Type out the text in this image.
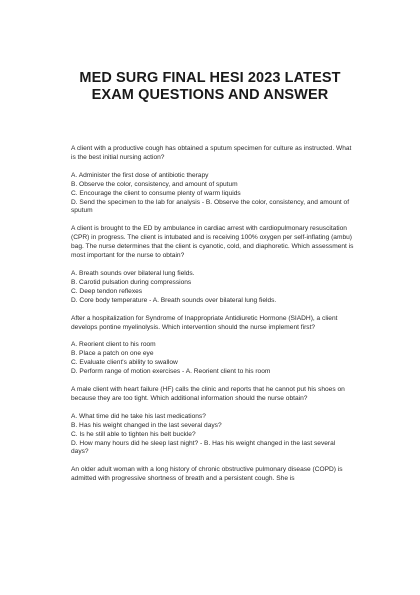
MED SURG FINAL HESI 2023 LATEST
EXAM QUESTIONS AND ANSWER

A client with a productive cough has obtained a sputum specimen for culture as instructed. What is the best initial nursing action?

A. Administer the first dose of antibiotic therapy

B. Observe the color, consistency, and amount of sputum

C. Encourage the client to consume plenty of warm liquids

D. Send the specimen to the lab for analysis - B. Observe the color, consistency, and amount of sputum

A client is brought to the ED by ambulance in cardiac arrest with cardiopulmonary resuscitation (CPR) in progress. The client is intubated and is receiving 100% oxygen per self-inflating (ambu) bag. The nurse determines that the client is cyanotic, cold, and diaphoretic. Which assessment is most important for the nurse to obtain?

A. Breath sounds over bilateral lung fields.

B. Carotid pulsation during compressions

C. Deep tendon reflexes

D. Core body temperature - A. Breath sounds over bilateral lung fields.

After a hospitalization for Syndrome of Inappropriate Antidiuretic Hormone (SIADH), a client develops pontine myelinolysis. Which intervention should the nurse implement first?

A. Reorient client to his room

B. Place a patch on one eye

C. Evaluate client's ability to swallow

D. Perform range of motion exercises - A. Reorient client to his room

A male client with heart failure (HF) calls the clinic and reports that he cannot put his shoes on because they are too tight. Which additional information should the nurse obtain?

A. What time did he take his last medications?

B. Has his weight changed in the last several days?

C. Is he still able to tighten his belt buckle?

D. How many hours did he sleep last night? - B. Has his weight changed in the last several days?

An older adult woman with a long history of chronic obstructive pulmonary disease (COPD) is admitted with progressive shortness of breath and a persistent cough. She is
